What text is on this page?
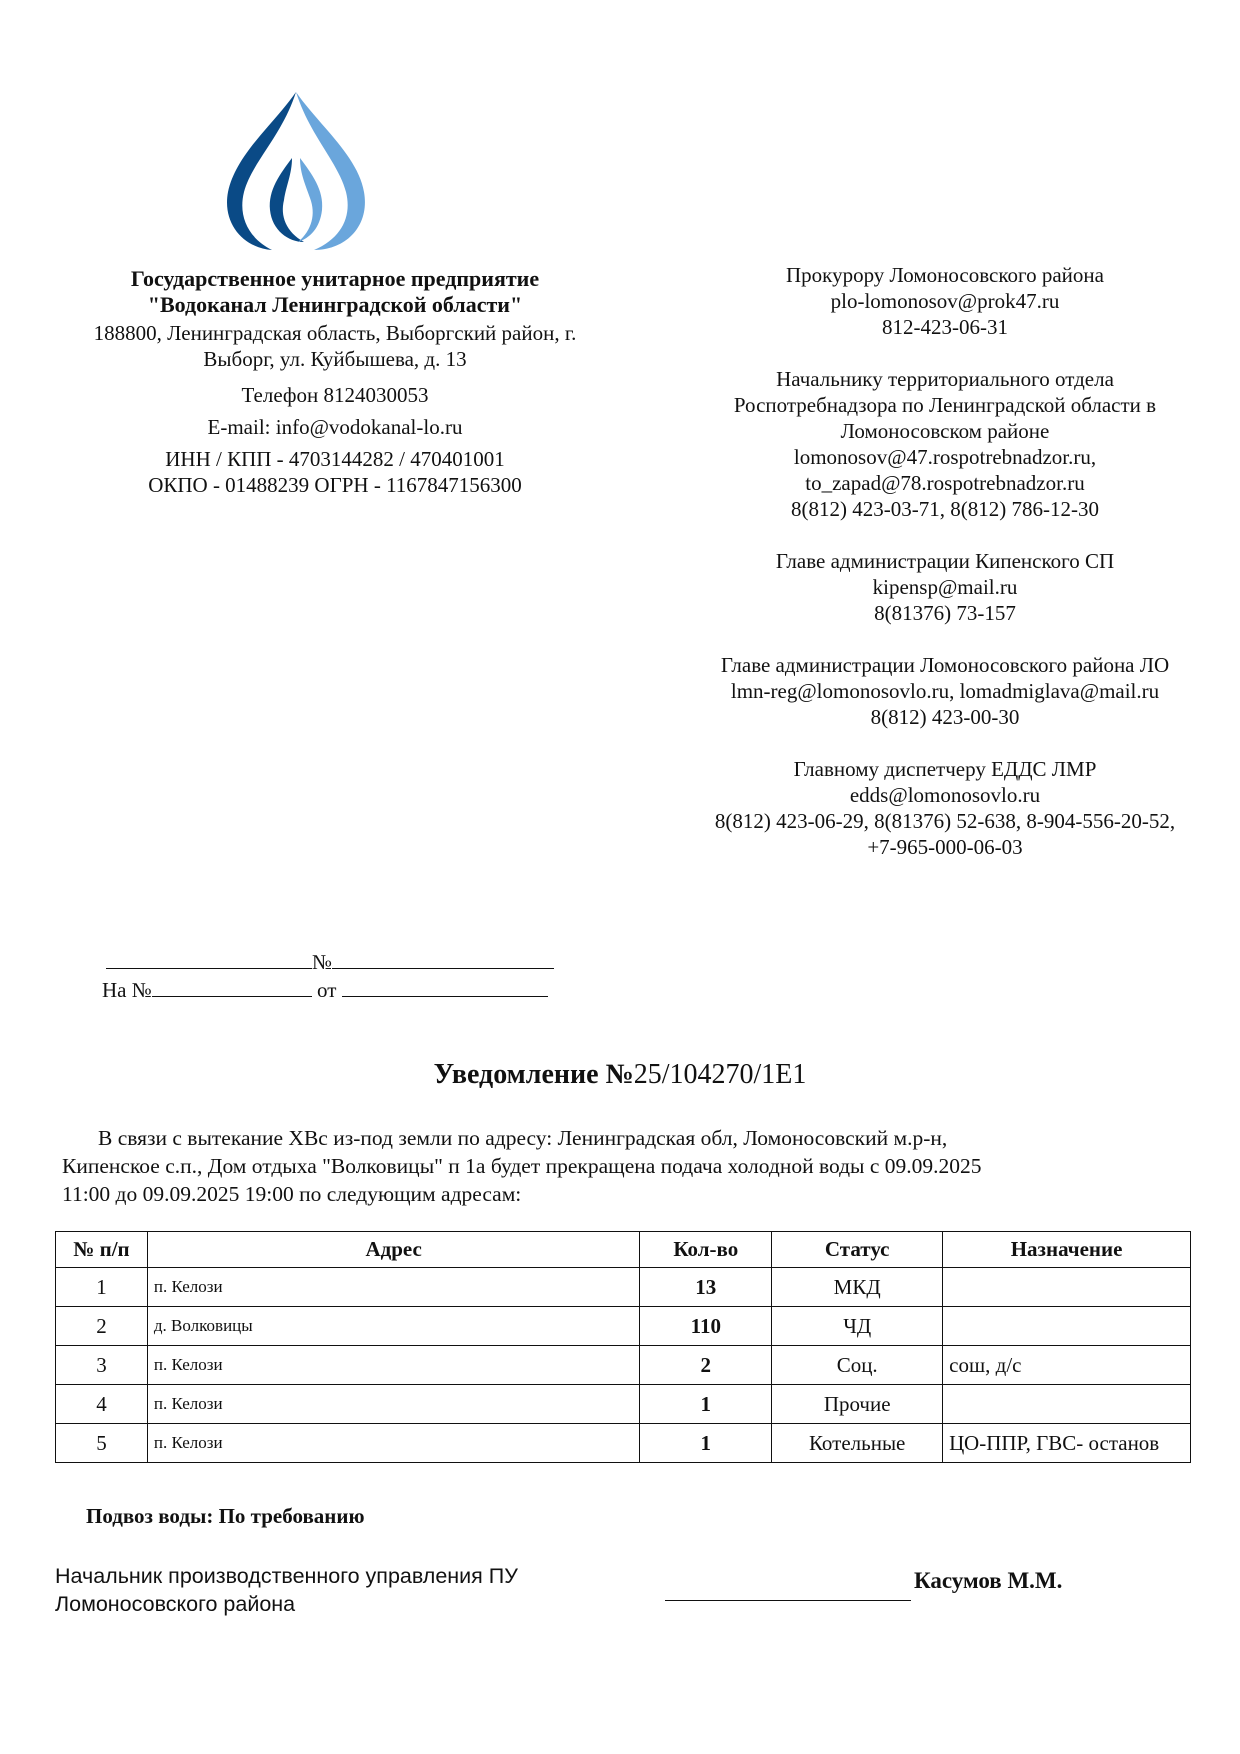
Государственное унитарное предприятие
"Водоканал Ленинградской области"
188800, Ленинградская область, Выборгский район, г.
Выборг, ул. Куйбышева, д. 13
Телефон 8124030053
E-mail: info@vodokanal-lo.ru
ИНН / КПП - 4703144282 / 470401001
ОКПО - 01488239 ОГРН - 1167847156300
Прокурору Ломоносовского района
plo-lomonosov@prok47.ru
812-423-06-31
Начальнику территориального отдела
Роспотребнадзора по Ленинградской области в
Ломоносовском районе
lomonosov@47.rospotrebnadzor.ru,
to_zapad@78.rospotrebnadzor.ru
8(812) 423-03-71, 8(812) 786-12-30
Главе администрации Кипенского СП
kipensp@mail.ru
8(81376) 73-157
Главе администрации Ломоносовского района ЛО
lmn-reg@lomonosovlo.ru, lomadmiglava@mail.ru
8(812) 423-00-30
Главному диспетчеру ЕДДС ЛМР
edds@lomonosovlo.ru
8(812) 423-06-29, 8(81376) 52-638, 8-904-556-20-52,
+7-965-000-06-03
№
На №	от
Уведомление №25/104270/1Е1
В связи с вытекание ХВс из-под земли по адресу: Ленинградская обл, Ломоносовский м.р-н,
Кипенское с.п., Дом отдыха "Волковицы" п 1а будет прекращена подача холодной воды с 09.09.2025
11:00 до 09.09.2025 19:00 по следующим адресам:
№ п/п	Адрес	Кол-во	Статус	Назначение
1	п. Келози	13	МКД	
2	д. Волковицы	110	ЧД	
3	п. Келози	2	Соц.	сош, д/с
4	п. Келози	1	Прочие	
5	п. Келози	1	Котельные	ЦО-ППР, ГВС- останов
Подвоз воды: По требованию
Начальник производственного управления ПУ
Ломоносовского района
Касумов М.М.
